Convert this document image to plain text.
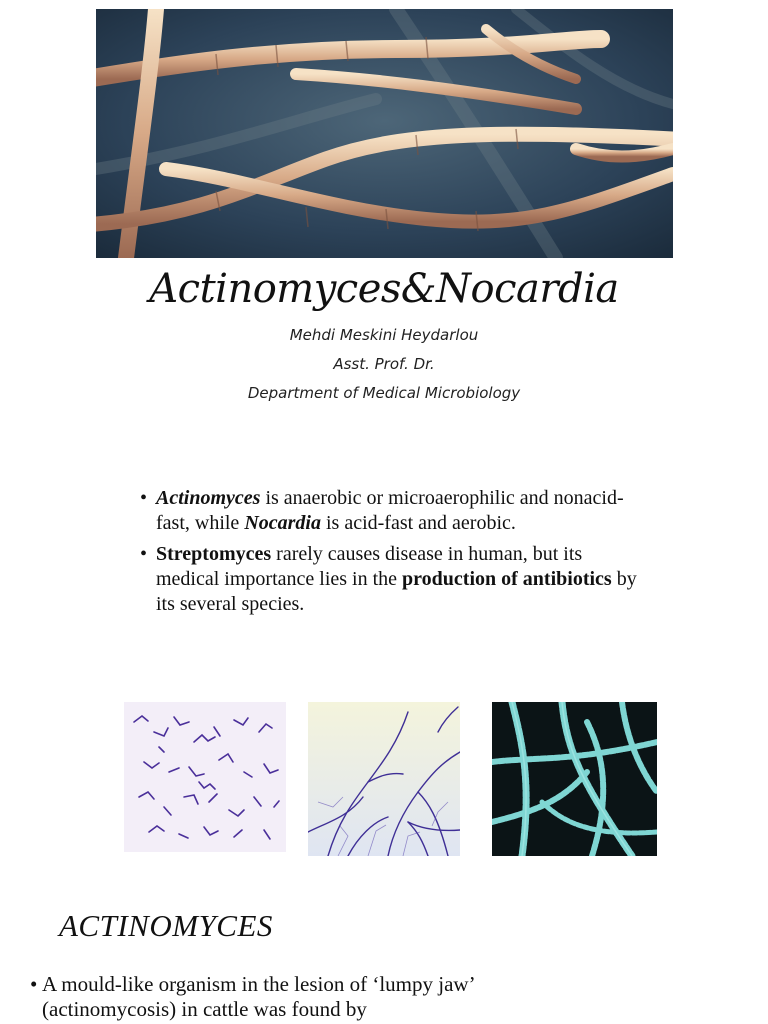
Actinomyces&Nocardia
Mehdi Meskini Heydarlou
Asst. Prof. Dr.
Department of Medical Microbiology
• Actinomyces is anaerobic or microaerophilic and nonacid-fast, while Nocardia is acid-fast and aerobic.
• Streptomyces rarely causes disease in human, but its medical importance lies in the production of antibiotics by its several species.
ACTINOMYCES
• A mould-like organism in the lesion of ‘lumpy jaw’ (actinomycosis) in cattle was found by
